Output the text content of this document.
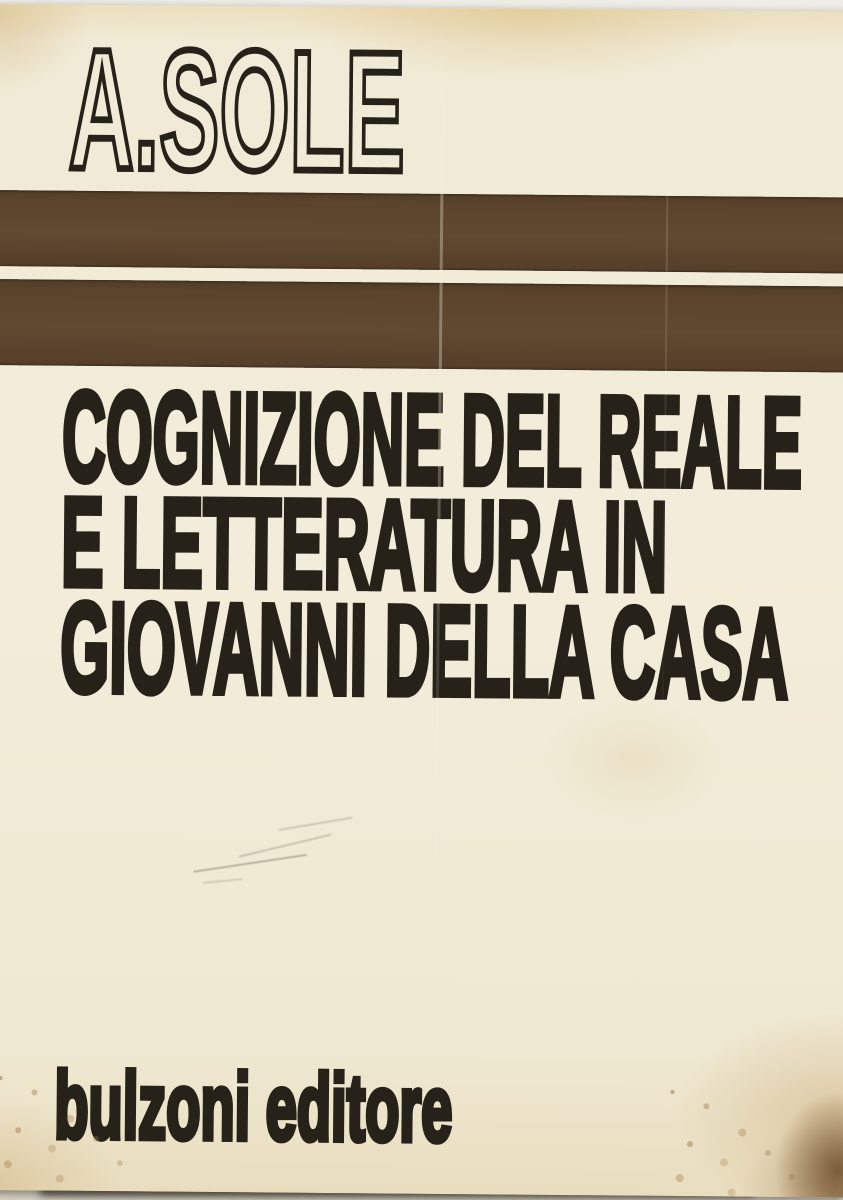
A.SOLE
COGNIZIONE DEL REALE
E LETTERATURA IN
GIOVANNI DELLA CASA
bulzoni editore
